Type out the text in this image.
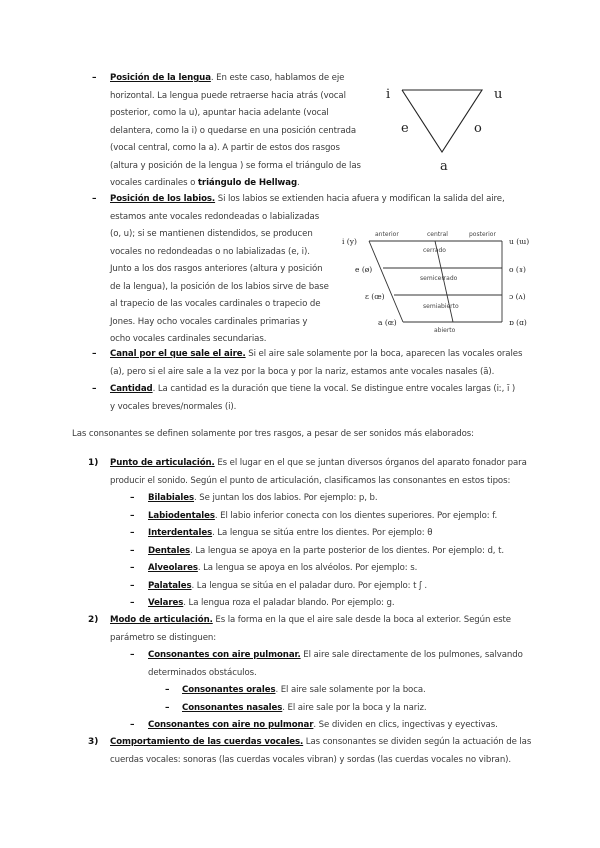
– Posición de la lengua. En este caso, hablamos de eje
horizontal. La lengua puede retraerse hacia atrás (vocal
posterior, como la u), apuntar hacia adelante (vocal
delantera, como la i) o quedarse en una posición centrada
(vocal central, como la a). A partir de estos dos rasgos
(altura y posición de la lengua ) se forma el triángulo de las
vocales cardinales o triángulo de Hellwag.
i	u
e	o
a
– Posición de los labios. Si los labios se extienden hacia afuera y modifican la salida del aire,
estamos ante vocales redondeadas o labializadas
(o, u); si se mantienen distendidos, se producen
vocales no redondeadas o no labializadas (e, i).
Junto a los dos rasgos anteriores (altura y posición
de la lengua), la posición de los labios sirve de base
al trapecio de las vocales cardinales o trapecio de
Jones. Hay ocho vocales cardinales primarias y
ocho vocales cardinales secundarias.
anterior	central	posterior
cerrado
semicerrado
semiabierto
abierto
i (y)
e (ø)
ɛ (œ)
a (ɶ)
u (ɯ)
o (ɤ)
ɔ (ʌ)
ɒ (ɑ)
– Canal por el que sale el aire. Si el aire sale solamente por la boca, aparecen las vocales orales
(a), pero si el aire sale a la vez por la boca y por la nariz, estamos ante vocales nasales (ã).
– Cantidad. La cantidad es la duración que tiene la vocal. Se distingue entre vocales largas (iː, ī )
y vocales breves/normales (i).
Las consonantes se definen solamente por tres rasgos, a pesar de ser sonidos más elaborados:
1) Punto de articulación. Es el lugar en el que se juntan diversos órganos del aparato fonador para
producir el sonido. Según el punto de articulación, clasificamos las consonantes en estos tipos:
– Bilabiales. Se juntan los dos labios. Por ejemplo: p, b.
– Labiodentales. El labio inferior conecta con los dientes superiores. Por ejemplo: f.
– Interdentales. La lengua se sitúa entre los dientes. Por ejemplo: θ
– Dentales. La lengua se apoya en la parte posterior de los dientes. Por ejemplo: d, t.
– Alveolares. La lengua se apoya en los alvéolos. Por ejemplo: s.
– Palatales. La lengua se sitúa en el paladar duro. Por ejemplo: t ʃ .
– Velares. La lengua roza el paladar blando. Por ejemplo: g.
2) Modo de articulación. Es la forma en la que el aire sale desde la boca al exterior. Según este
parámetro se distinguen:
– Consonantes con aire pulmonar. El aire sale directamente de los pulmones, salvando
determinados obstáculos.
– Consonantes orales. El aire sale solamente por la boca.
– Consonantes nasales. El aire sale por la boca y la nariz.
– Consonantes con aire no pulmonar. Se dividen en clics, ingectivas y eyectivas.
3) Comportamiento de las cuerdas vocales. Las consonantes se dividen según la actuación de las
cuerdas vocales: sonoras (las cuerdas vocales vibran) y sordas (las cuerdas vocales no vibran).
